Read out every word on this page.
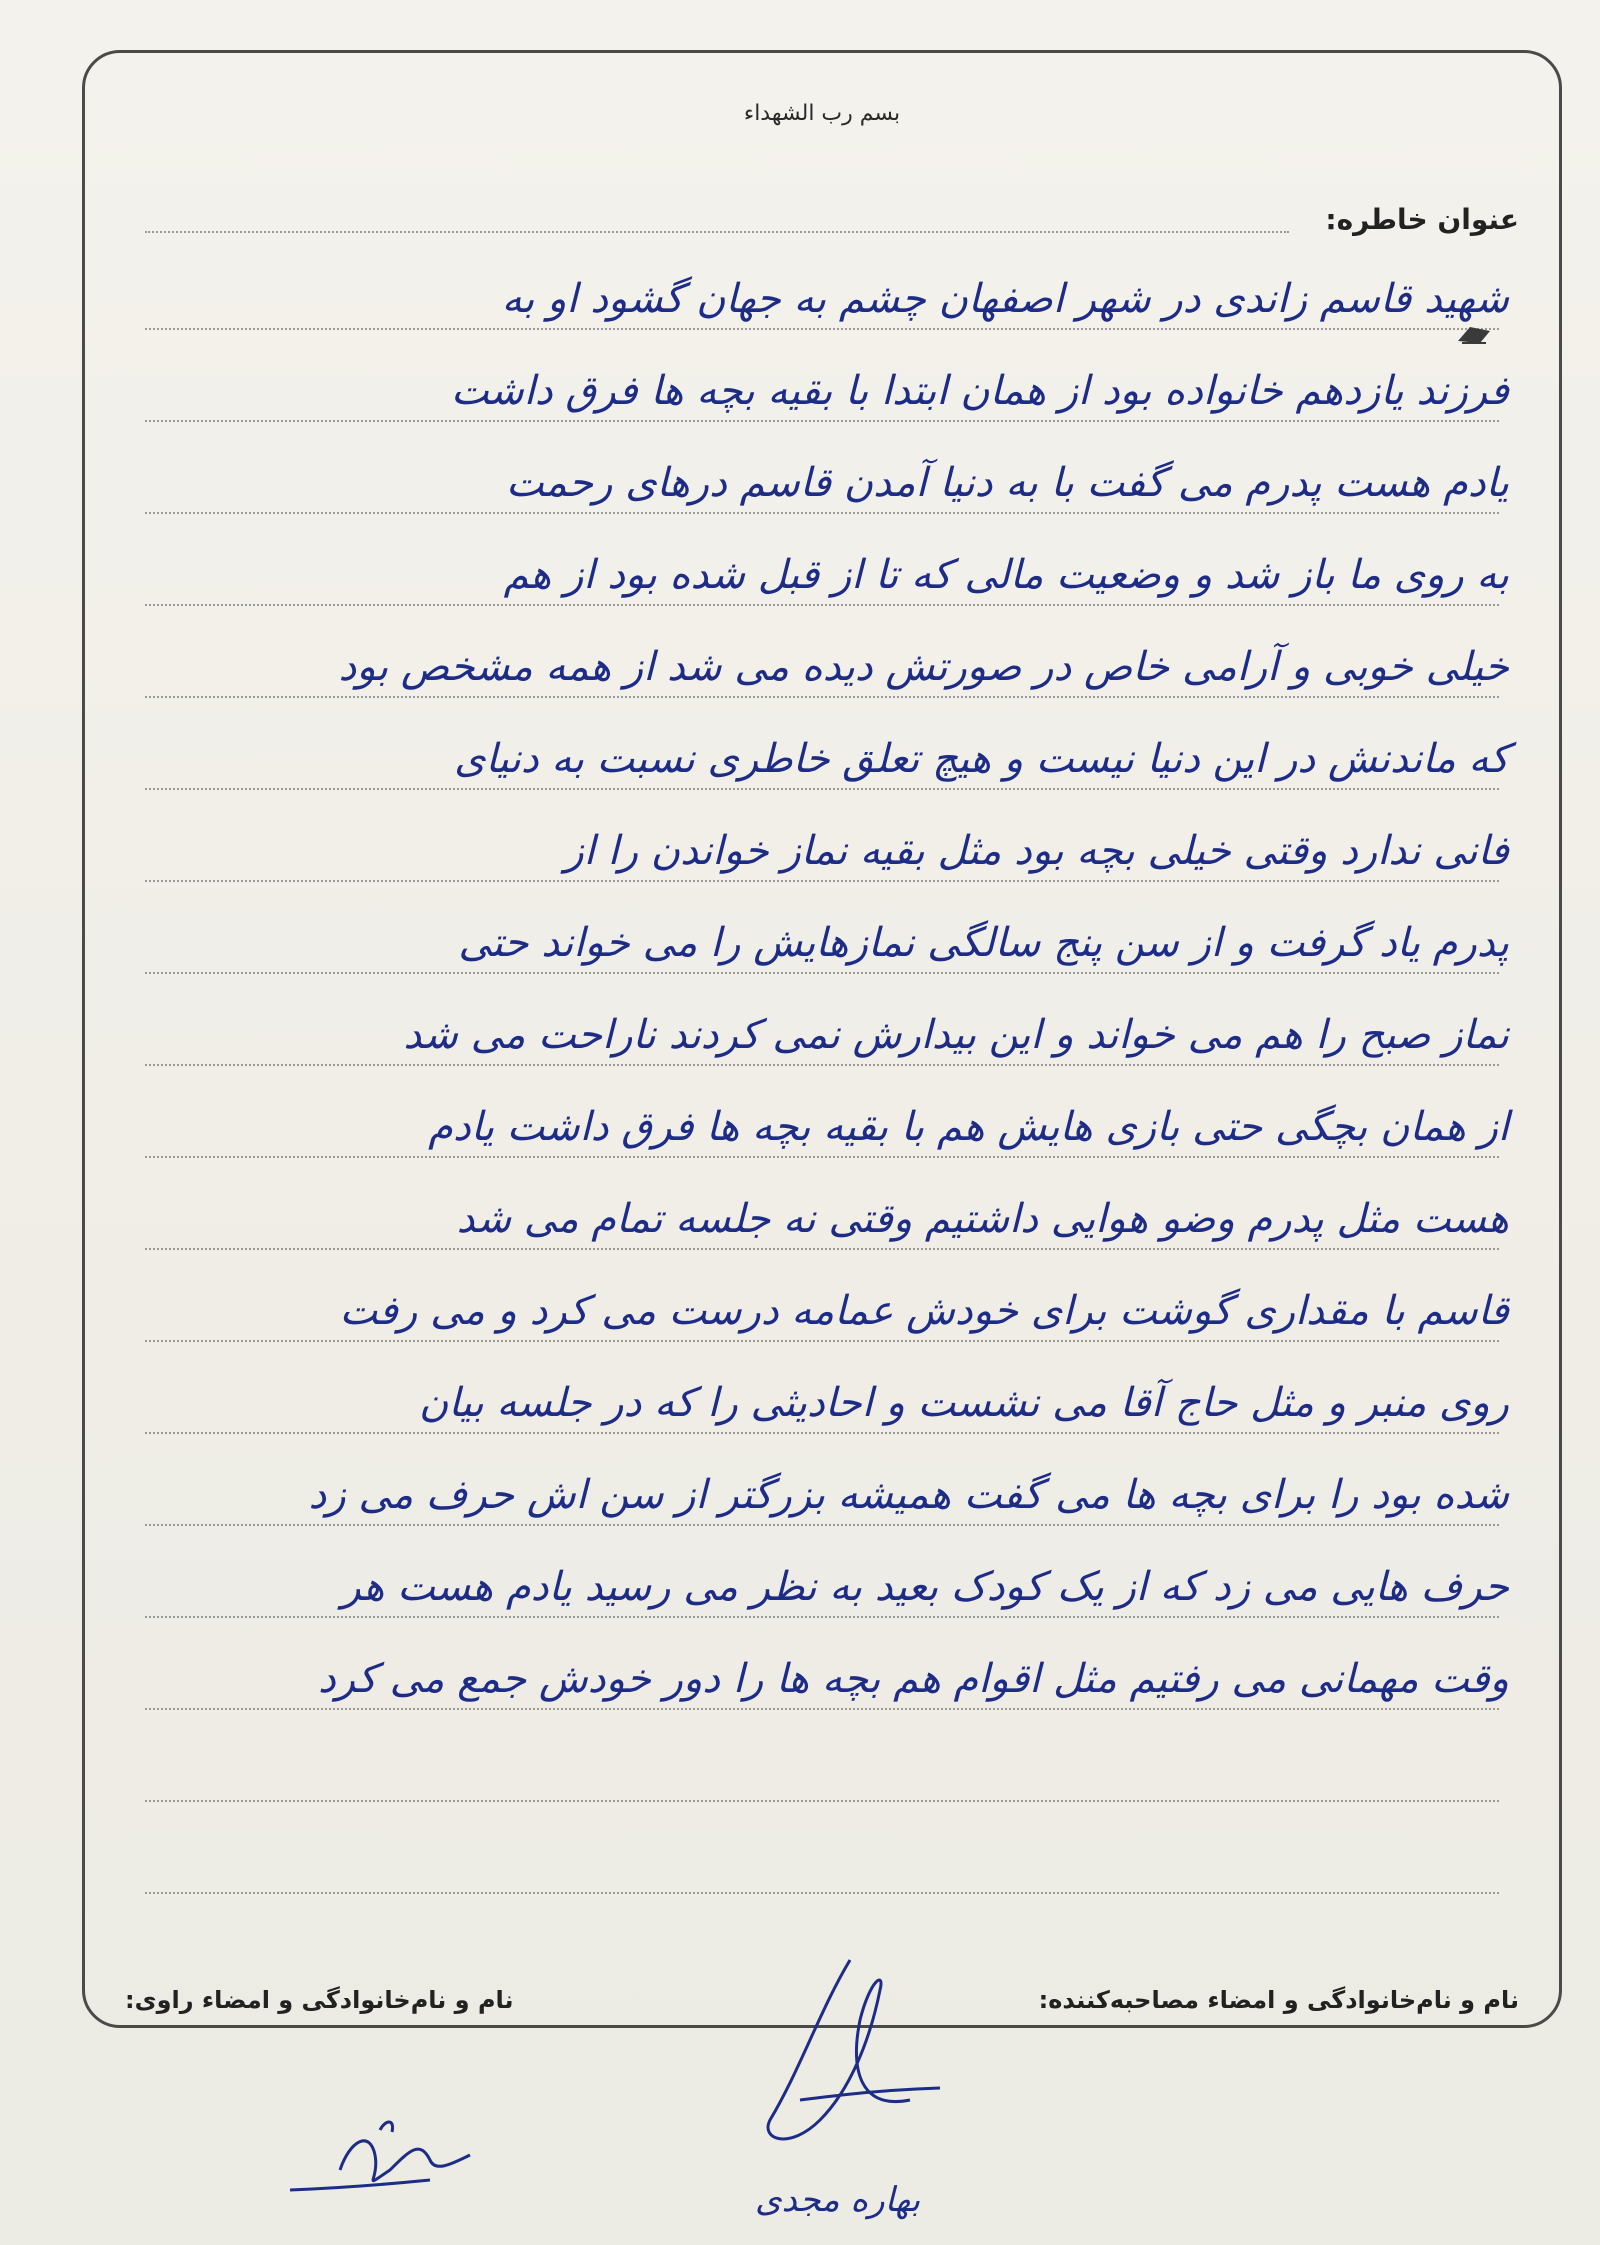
بسم رب الشهداء
عنوان خاطره:

شهید قاسم زاندی در شهر اصفهان چشم به جهان گشود او به

فرزند یازدهم خانواده بود از همان ابتدا با بقیه بچه ها فرق داشت

یادم هست پدرم می گفت با به دنیا آمدن قاسم درهای رحمت

به روی ما باز شد و وضعیت مالی که تا از قبل شده بود از هم

خیلی خوبی و آرامی خاص در صورتش دیده می شد از همه مشخص بود

که ماندنش در این دنیا نیست و هیچ تعلق خاطری نسبت به دنیای

فانی ندارد وقتی خیلی بچه بود مثل بقیه نماز خواندن را از

پدرم یاد گرفت و از سن پنج سالگی نمازهایش را می خواند حتی

نماز صبح را هم می خواند و این بیدارش نمی کردند ناراحت می شد

از همان بچگی حتی بازی هایش هم با بقیه بچه ها فرق داشت یادم

هست مثل پدرم وضو هوایی داشتیم وقتی نه جلسه تمام می شد

قاسم با مقداری گوشت برای خودش عمامه درست می کرد و می رفت

روی منبر و مثل حاج آقا می نشست و احادیثی را که در جلسه بیان

شده بود را برای بچه ها می گفت همیشه بزرگتر از سن اش حرف می زد

حرف هایی می زد که از یک کودک بعید به نظر می رسید یادم هست هر

وقت مهمانی می رفتیم مثل اقوام هم بچه ها را دور خودش جمع می کرد

نام و نام‌خانوادگی و امضاء مصاحبه‌کننده:
نام و نام‌خانوادگی و امضاء راوی:
بهاره مجدی
